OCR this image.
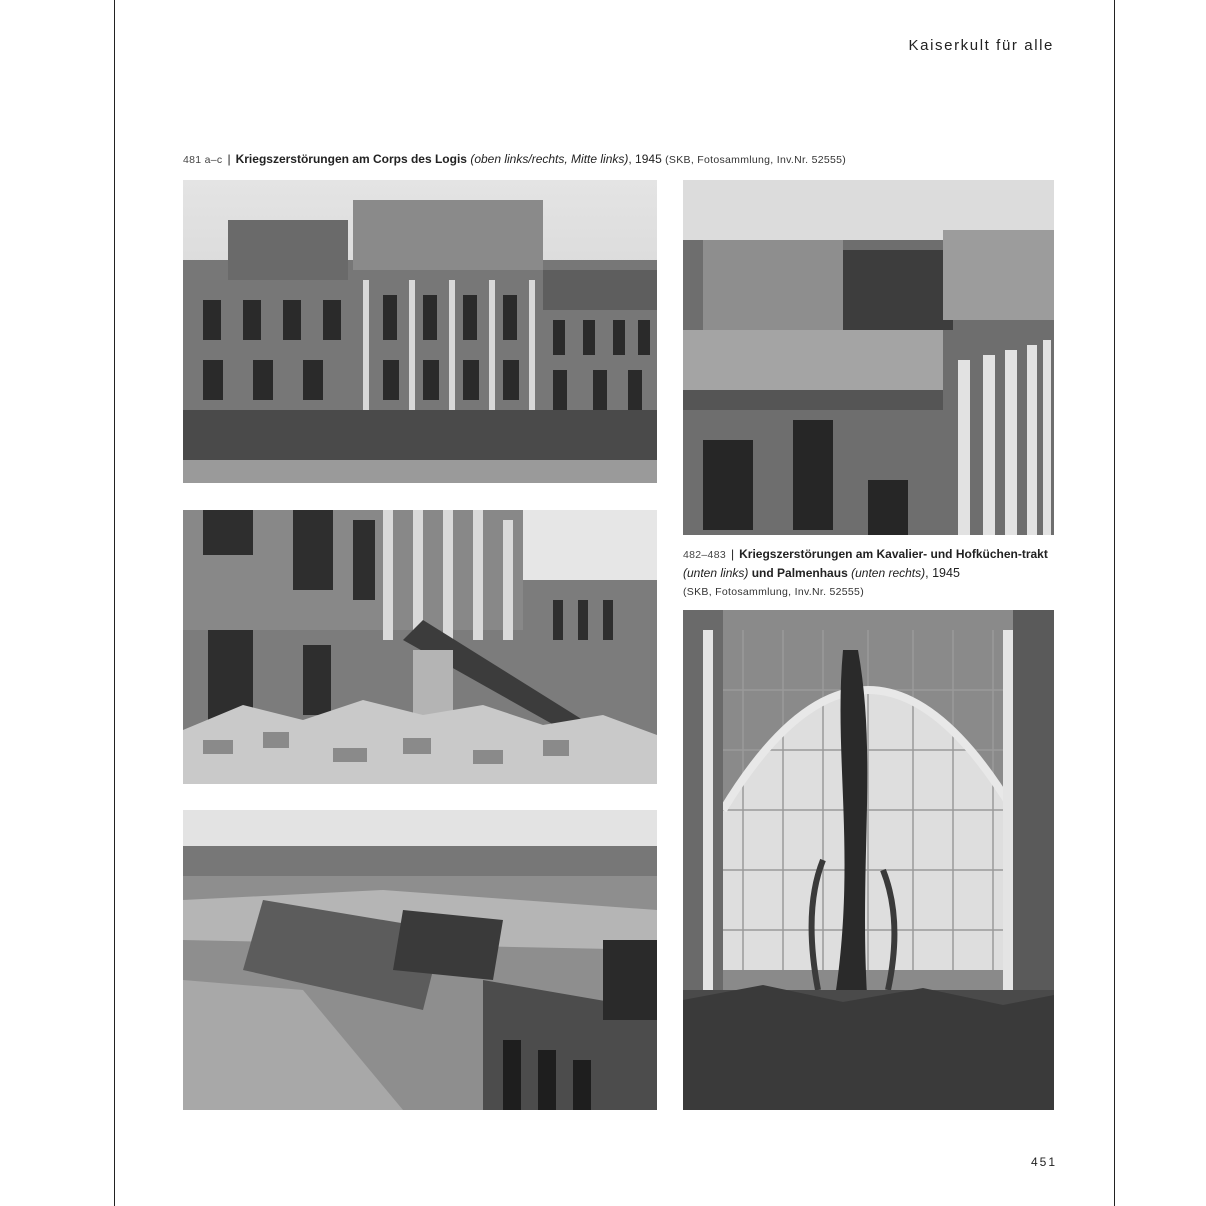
Kaiserkult für alle
481 a–c | Kriegszerstörungen am Corps des Logis (oben links/rechts, Mitte links), 1945 (SKB, Fotosammlung, Inv.Nr. 52555)
482–483 | Kriegszerstörungen am Kavalier- und Hofküchen-trakt (unten links) und Palmenhaus (unten rechts), 1945
(SKB, Fotosammlung, Inv.Nr. 52555)
451
